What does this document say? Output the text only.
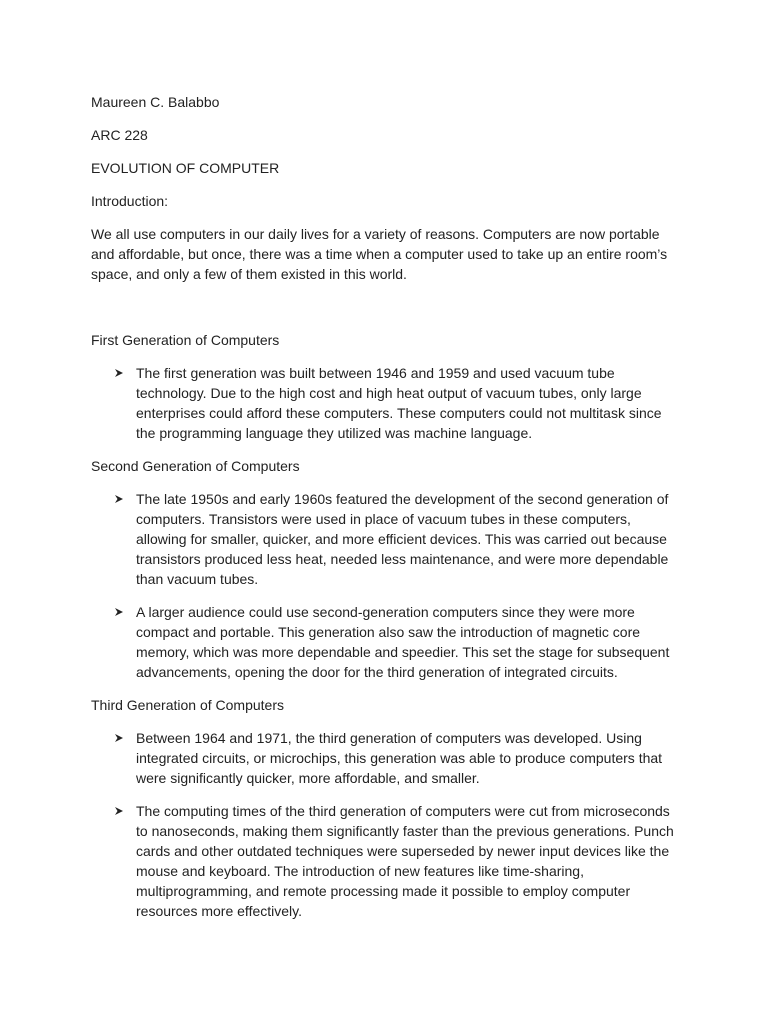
Maureen C. Balabbo
ARC 228
EVOLUTION OF COMPUTER
Introduction:
We all use computers in our daily lives for a variety of reasons. Computers are now portable and affordable, but once, there was a time when a computer used to take up an entire room’s space, and only a few of them existed in this world.
First Generation of Computers
The first generation was built between 1946 and 1959 and used vacuum tube technology. Due to the high cost and high heat output of vacuum tubes, only large enterprises could afford these computers. These computers could not multitask since the programming language they utilized was machine language.
Second Generation of Computers
The late 1950s and early 1960s featured the development of the second generation of computers. Transistors were used in place of vacuum tubes in these computers, allowing for smaller, quicker, and more efficient devices. This was carried out because transistors produced less heat, needed less maintenance, and were more dependable than vacuum tubes.
A larger audience could use second-generation computers since they were more compact and portable. This generation also saw the introduction of magnetic core memory, which was more dependable and speedier. This set the stage for subsequent advancements, opening the door for the third generation of integrated circuits.
Third Generation of Computers
Between 1964 and 1971, the third generation of computers was developed. Using integrated circuits, or microchips, this generation was able to produce computers that were significantly quicker, more affordable, and smaller.
The computing times of the third generation of computers were cut from microseconds to nanoseconds, making them significantly faster than the previous generations. Punch cards and other outdated techniques were superseded by newer input devices like the mouse and keyboard. The introduction of new features like time-sharing, multiprogramming, and remote processing made it possible to employ computer resources more effectively.
